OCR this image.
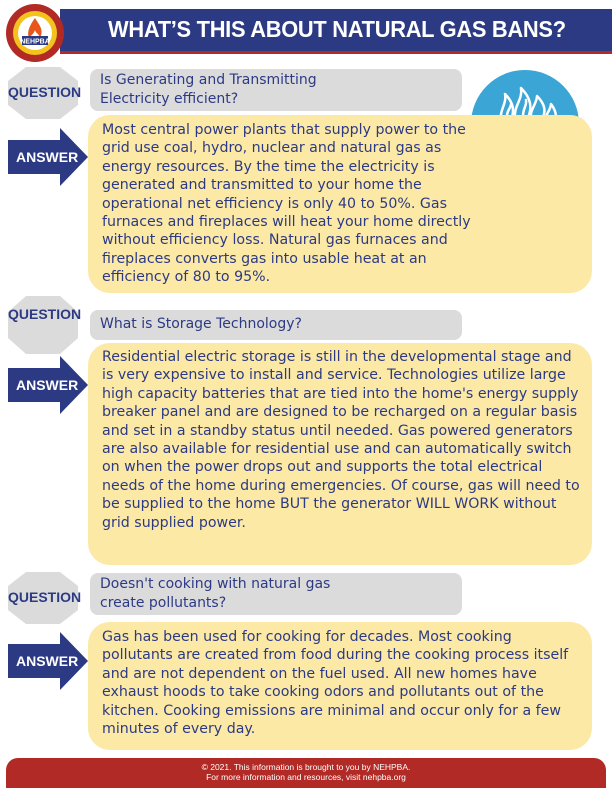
WHAT’S THIS ABOUT NATURAL GAS BANS?
NEHPBA
QUESTION
Is Generating and Transmitting
Electricity efficient?
ANSWER
Most central power plants that supply power to the grid use coal, hydro, nuclear and natural gas as energy resources. By the time the electricity is generated and transmitted to your home the operational net efficiency is only 40 to 50%. Gas furnaces and fireplaces will heat your home directly without efficiency loss. Natural gas furnaces and fireplaces converts gas into usable heat at an efficiency of 80 to 95%.
QUESTION
What is Storage Technology?
ANSWER
Residential electric storage is still in the developmental stage and is very expensive to install and service. Technologies utilize large high capacity batteries that are tied into the home's energy supply breaker panel and are designed to be recharged on a regular basis and set in a standby status until needed. Gas powered generators are also available for residential use and can automatically switch on when the power drops out and supports the total electrical needs of the home during emergencies. Of course, gas will need to be supplied to the home BUT the generator WILL WORK without grid supplied power.
QUESTION
Doesn't cooking with natural gas
create pollutants?
ANSWER
Gas has been used for cooking for decades. Most cooking pollutants are created from food during the cooking process itself and are not dependent on the fuel used. All new homes have exhaust hoods to take cooking odors and pollutants out of the kitchen. Cooking emissions are minimal and occur only for a few minutes of every day.
© 2021. This information is brought to you by NEHPBA.
For more information and resources, visit nehpba.org
